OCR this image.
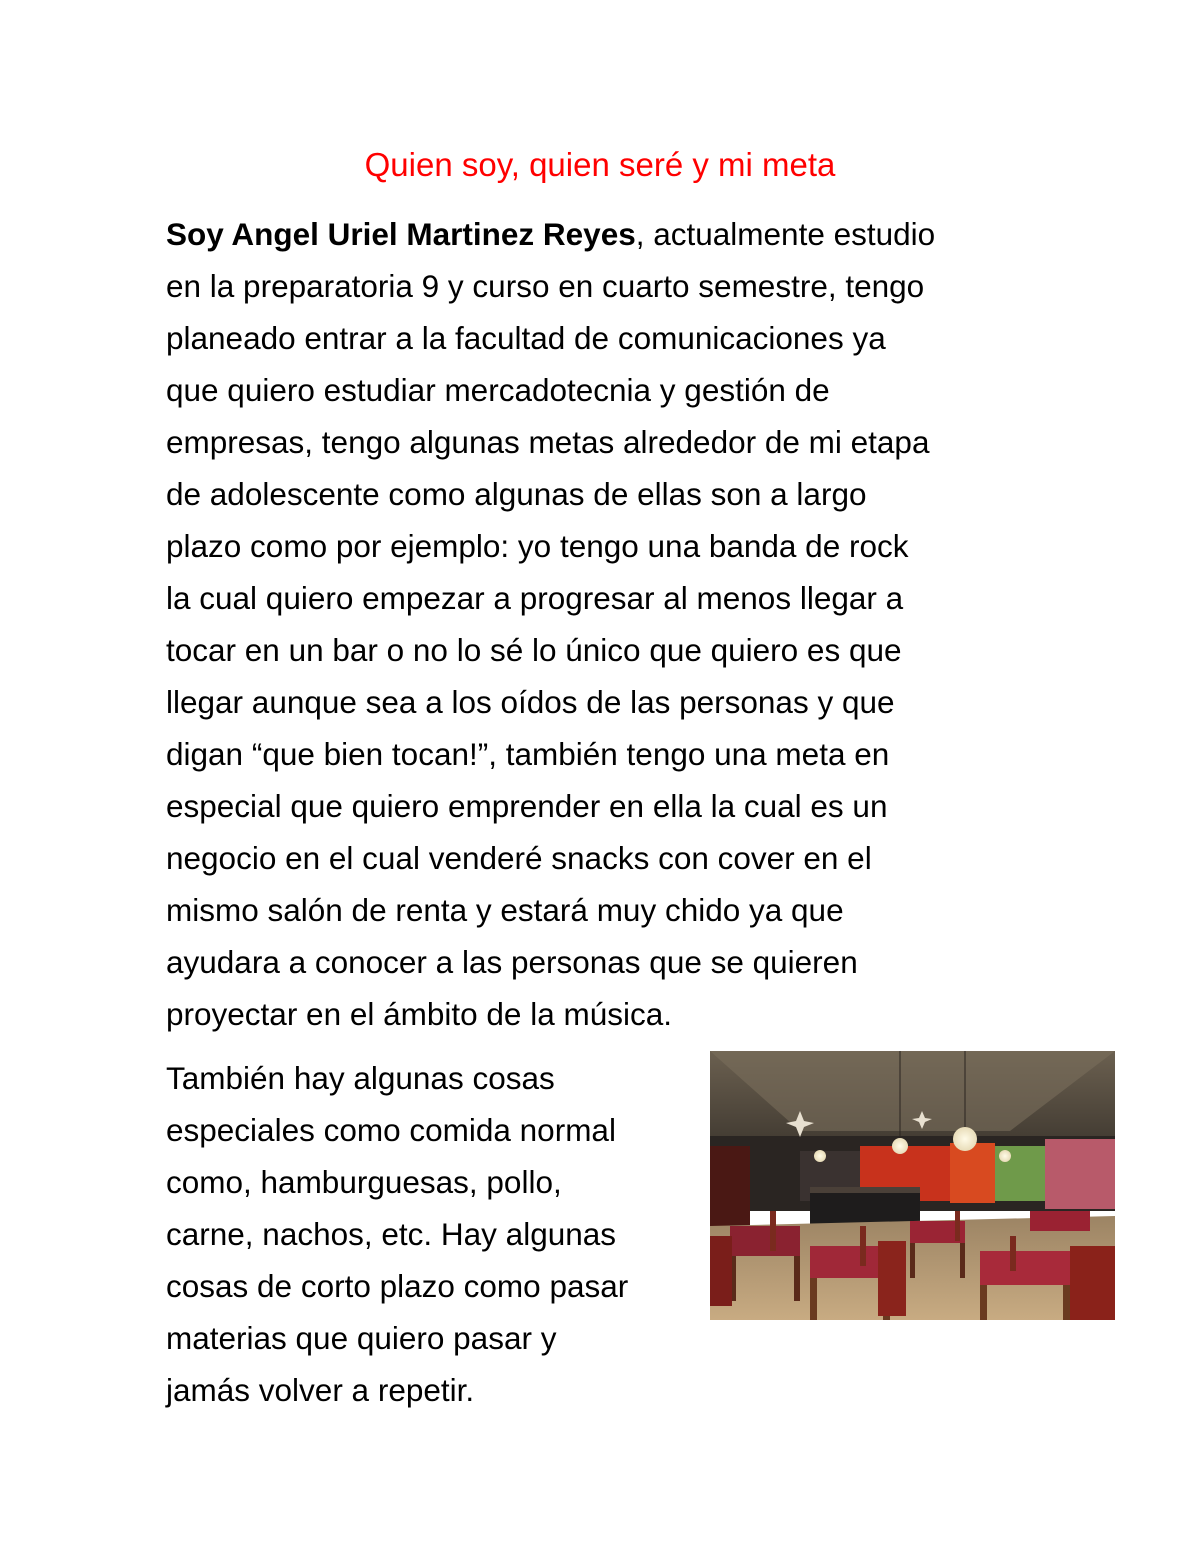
Quien soy, quien seré y mi meta

Soy Angel Uriel Martinez Reyes, actualmente estudio
en la preparatoria 9 y curso en cuarto semestre, tengo
planeado entrar a la facultad de comunicaciones ya
que quiero estudiar mercadotecnia y gestión de
empresas, tengo algunas metas alrededor de mi etapa
de adolescente como algunas de ellas son a largo
plazo como por ejemplo: yo tengo una banda de rock
la cual quiero empezar a progresar al menos llegar a
tocar en un bar o no lo sé lo único que quiero es que
llegar aunque sea a los oídos de las personas y que
digan “que bien tocan!”, también tengo una meta en
especial que quiero emprender en ella la cual es un
negocio en el cual venderé snacks con cover en el
mismo salón de renta y estará muy chido ya que
ayudara a conocer a las personas que se quieren
proyectar en el ámbito de la música.

También hay algunas cosas
especiales como comida normal
como, hamburguesas, pollo,
carne, nachos, etc. Hay algunas
cosas de corto plazo como pasar
materias que quiero pasar y
jamás volver a repetir.
